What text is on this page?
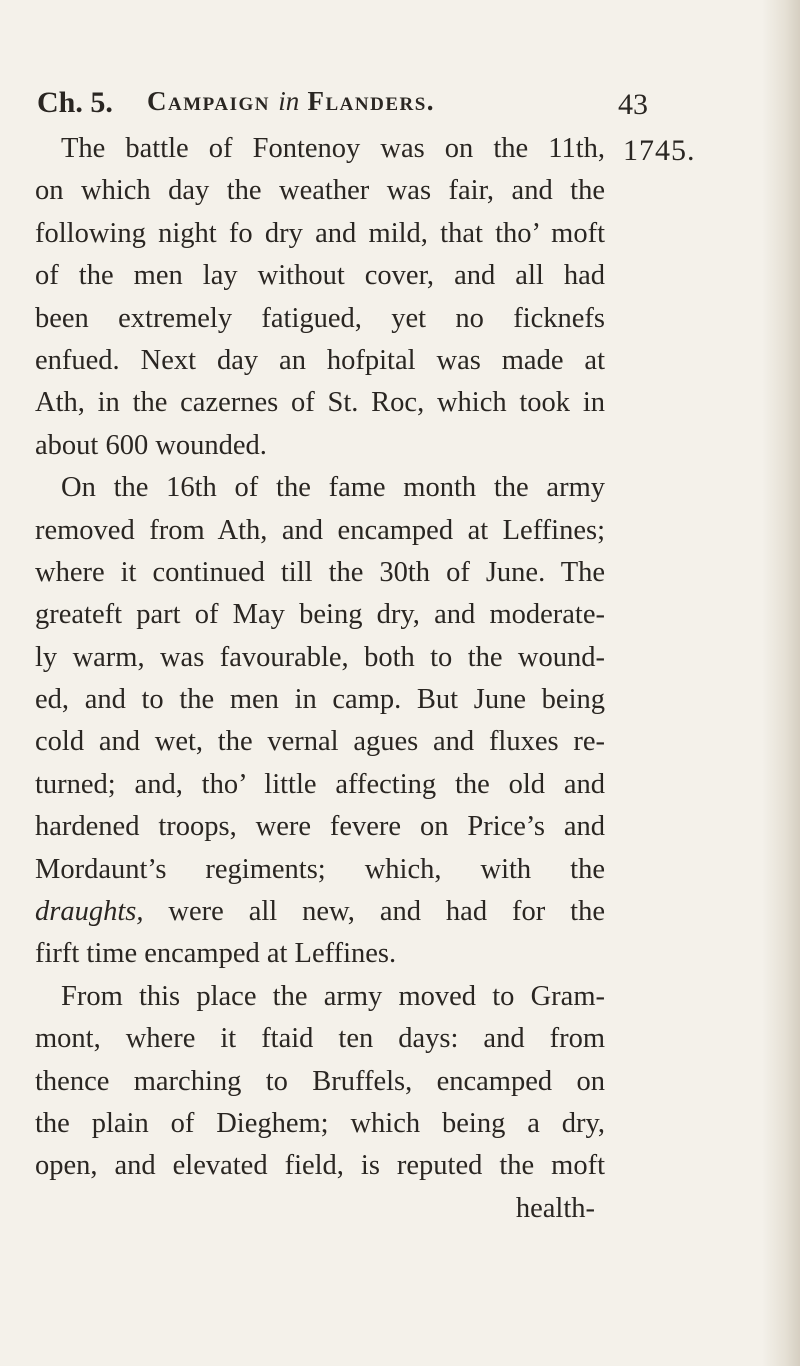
Ch. 5. Campaign in Flanders.	43
1745.
The battle of Fontenoy was on the 11th,
on which day the weather was fair, and the
following night fo dry and mild, that tho’ moft
of the men lay without cover, and all had
been extremely fatigued, yet no ficknefs
enfued. Next day an hofpital was made at
Ath, in the cazernes of St. Roc, which took in
about 600 wounded.
On the 16th of the fame month the army
removed from Ath, and encamped at Leffines;
where it continued till the 30th of June. The
greateft part of May being dry, and moderate-
ly warm, was favourable, both to the wound-
ed, and to the men in camp. But June being
cold and wet, the vernal agues and fluxes re-
turned; and, tho’ little affecting the old and
hardened troops, were fevere on Price’s and
Mordaunt’s regiments; which, with the
draughts, were all new, and had for the
firft time encamped at Leffines.
From this place the army moved to Gram-
mont, where it ftaid ten days: and from
thence marching to Bruffels, encamped on
the plain of Dieghem; which being a dry,
open, and elevated field, is reputed the moft
health-
